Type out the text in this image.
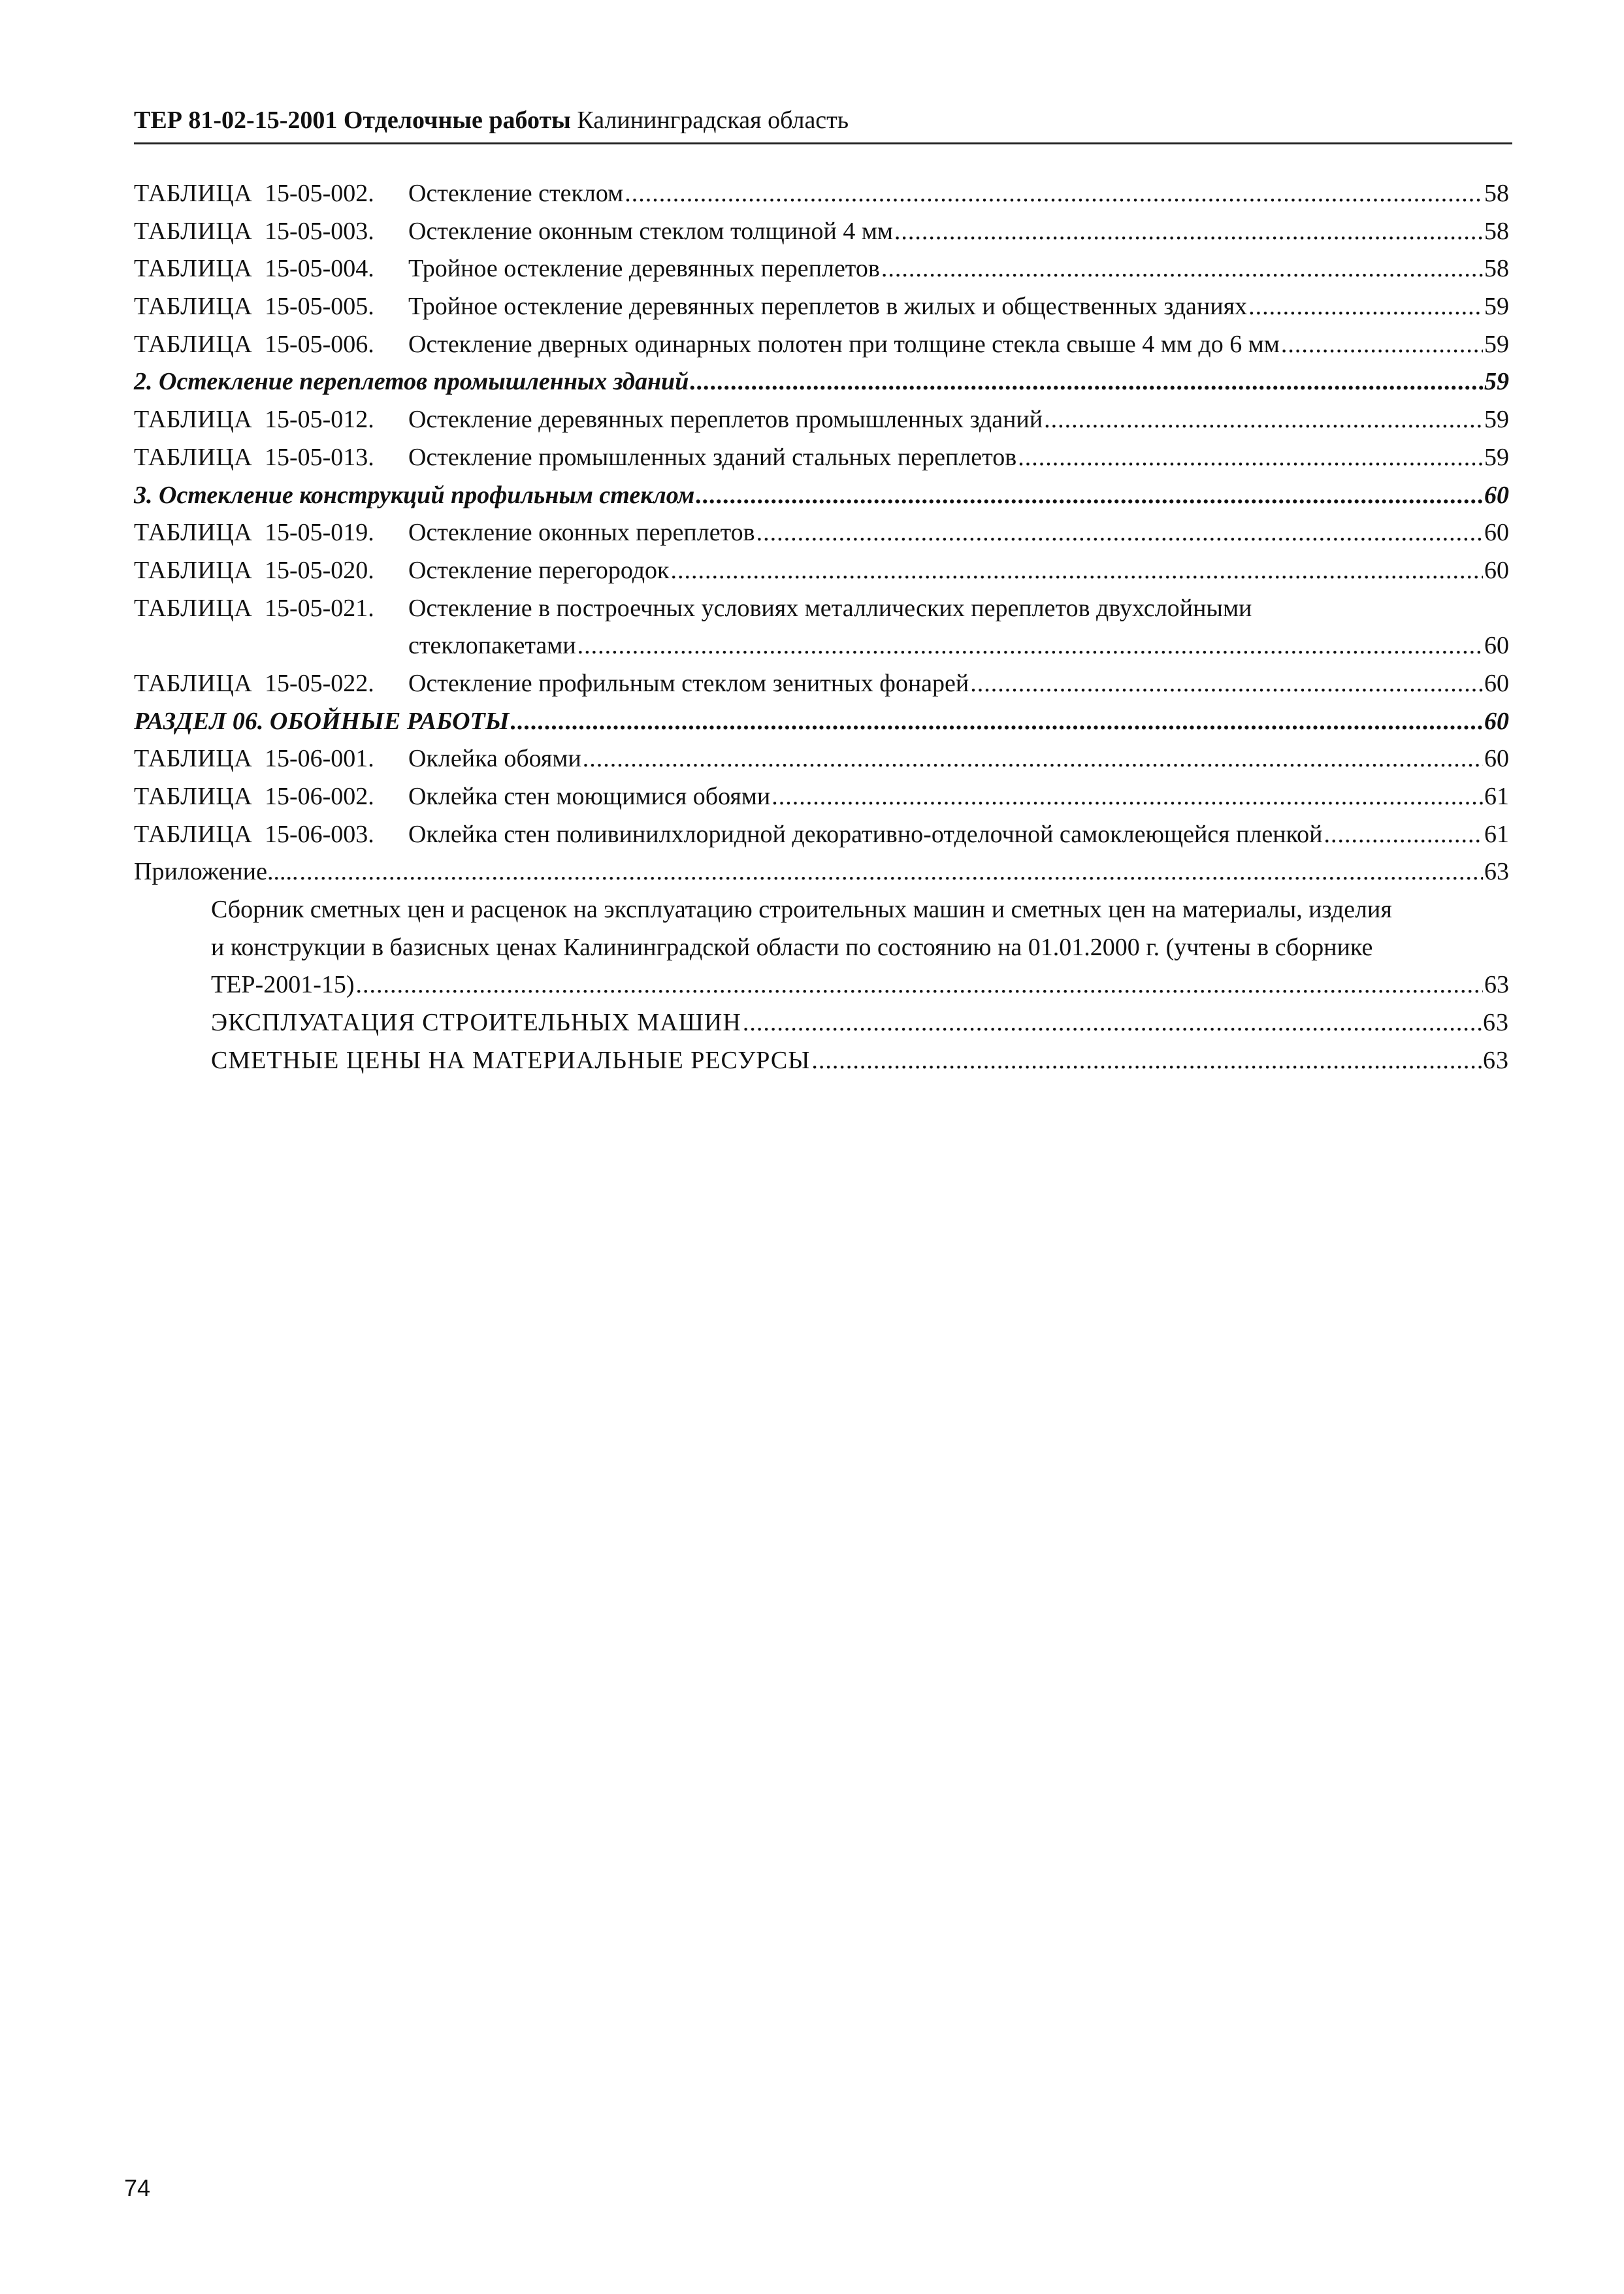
ТЕР 81-02-15-2001 Отделочные работы Калининградская область
ТАБЛИЦА 15-05-002. Остекление стеклом .....	58
ТАБЛИЦА 15-05-003. Остекление оконным стеклом толщиной 4 мм .....	58
ТАБЛИЦА 15-05-004. Тройное остекление деревянных переплетов .....	58
ТАБЛИЦА 15-05-005. Тройное остекление деревянных переплетов в жилых и общественных зданиях .....	59
ТАБЛИЦА 15-05-006. Остекление дверных одинарных полотен при толщине стекла свыше 4 мм до 6 мм .....	59
2. Остекление переплетов промышленных зданий .....	59
ТАБЛИЦА 15-05-012. Остекление деревянных переплетов промышленных зданий .....	59
ТАБЛИЦА 15-05-013. Остекление промышленных зданий стальных переплетов .....	59
3. Остекление конструкций профильным стеклом .....	60
ТАБЛИЦА 15-05-019. Остекление оконных переплетов .....	60
ТАБЛИЦА 15-05-020. Остекление перегородок .....	60
ТАБЛИЦА 15-05-021. Остекление в построечных условиях металлических переплетов двухслойными
стеклопакетами .....	60
ТАБЛИЦА 15-05-022. Остекление профильным стеклом зенитных фонарей .....	60
РАЗДЕЛ 06. ОБОЙНЫЕ РАБОТЫ .....	60
ТАБЛИЦА 15-06-001. Оклейка обоями .....	60
ТАБЛИЦА 15-06-002. Оклейка стен моющимися обоями .....	61
ТАБЛИЦА 15-06-003. Оклейка стен поливинилхлоридной декоративно-отделочной самоклеющейся пленкой .....	61
Приложение..... .....	63
Сборник сметных цен и расценок на эксплуатацию строительных машин и сметных цен на материалы, изделия
и конструкции в базисных ценах Калининградской области по состоянию на 01.01.2000 г. (учтены в сборнике
ТЕР-2001-15) .....	63
ЭКСПЛУАТАЦИЯ СТРОИТЕЛЬНЫХ МАШИН .....	63
СМЕТНЫЕ ЦЕНЫ НА МАТЕРИАЛЬНЫЕ РЕСУРСЫ .....	63
74
